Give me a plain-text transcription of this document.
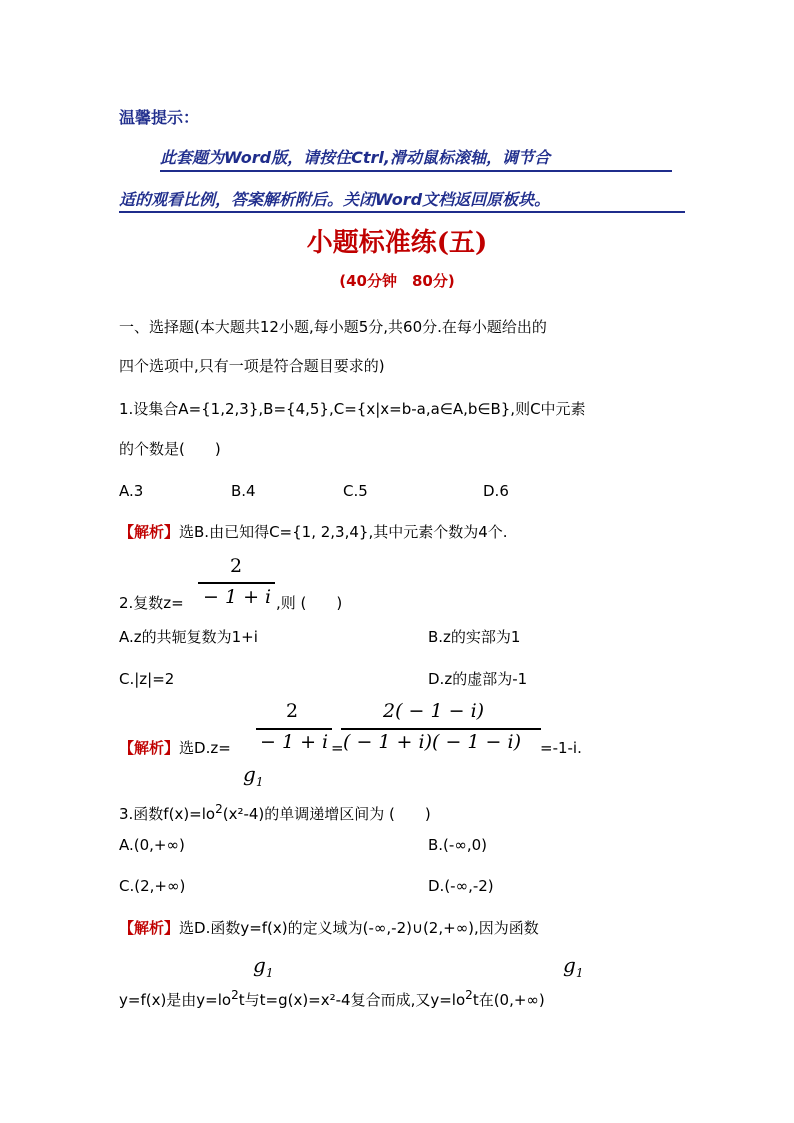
温馨提示：
此套题为Word版，请按住Ctrl,滑动鼠标滚轴，调节合
适的观看比例，答案解析附后。关闭Word文档返回原板块。
小题标准练(五)
(40分钟　80分)
一、选择题(本大题共12小题,每小题5分,共60分.在每小题给出的
四个选项中,只有一项是符合题目要求的)
1.设集合A={1,2,3},B={4,5},C={x|x=b-a,a∈A,b∈B},则C中元素
的个数是(　　)
A.3	B.4	C.5	D.6
【解析】选B.由已知得C={1, 2,3,4},其中元素个数为4个.
2
2.复数z= − 1 + i ,则 (　　)
A.z的共轭复数为1+i	B.z的实部为1
C.|z|=2	D.z的虚部为-1
2
− 1 + i
2( − 1 − i)
( − 1 + i)( − 1 − i)
【解析】选D.z=	=	=-1-i.
$g_1$
3.函数$f(x)=lo^2(x^2-4)$的单调递增区间为 (　　)
A.(0,+∞)	B.(-∞,0)
C.(2,+∞)	D.(-∞,-2)
【解析】选D.函数y=f(x)的定义域为(-∞,-2)∪(2,+∞),因为函数
$g_1$	$g_1$
y=f(x)是由$y=lo^2t$与t=g(x)=x²-4复合而成,又$y=lo^2t$在(0,+∞)
